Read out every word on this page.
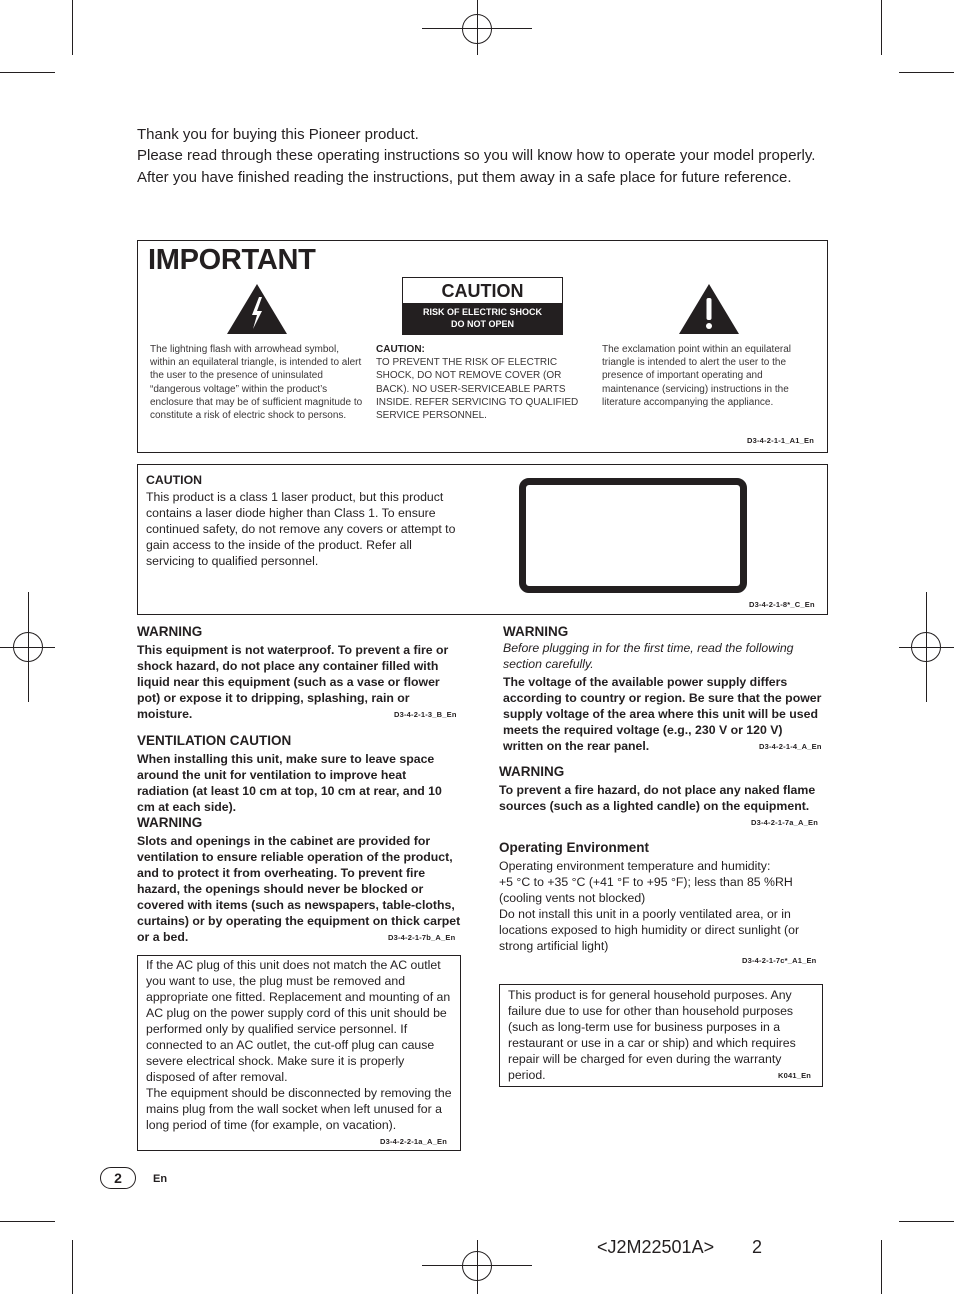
Thank you for buying this Pioneer product.

Please read through these operating instructions so you will know how to operate your model properly.

After you have finished reading the instructions, put them away in a safe place for future reference.

IMPORTANT
CAUTION
RISK OF ELECTRIC SHOCK
DO NOT OPEN
The lightning flash with arrowhead symbol, within an equilateral triangle, is intended to alert the user to the presence of uninsulated “dangerous voltage” within the product’s enclosure that may be of sufficient magnitude to constitute a risk of electric shock to persons.
CAUTION:
TO PREVENT THE RISK OF ELECTRIC SHOCK, DO NOT REMOVE COVER (OR BACK). NO USER-SERVICEABLE PARTS INSIDE. REFER SERVICING TO QUALIFIED SERVICE PERSONNEL.
The exclamation point within an equilateral triangle is intended to alert the user to the presence of important operating and maintenance (servicing) instructions in the literature accompanying the appliance.
D3-4-2-1-1_A1_En
CAUTION
This product is a class 1 laser product, but this product contains a laser diode higher than Class 1. To ensure continued safety, do not remove any covers or attempt to gain access to the inside of the product. Refer all servicing to qualified personnel.
D3-4-2-1-8*_C_En
WARNING
This equipment is not waterproof. To prevent a fire or shock hazard, do not place any container filled with liquid near this equipment (such as a vase or flower pot) or expose it to dripping, splashing, rain or moisture.	D3-4-2-1-3_B_En
VENTILATION CAUTION
When installing this unit, make sure to leave space around the unit for ventilation to improve heat radiation (at least 10 cm at top, 10 cm at rear, and 10 cm at each side).
WARNING
Slots and openings in the cabinet are provided for ventilation to ensure reliable operation of the product, and to protect it from overheating. To prevent fire hazard, the openings should never be blocked or covered with items (such as newspapers, table-cloths, curtains) or by operating the equipment on thick carpet or a bed.	D3-4-2-1-7b_A_En
If the AC plug of this unit does not match the AC outlet you want to use, the plug must be removed and appropriate one fitted. Replacement and mounting of an AC plug on the power supply cord of this unit should be performed only by qualified service personnel. If connected to an AC outlet, the cut-off plug can cause severe electrical shock. Make sure it is properly disposed of after removal.
The equipment should be disconnected by removing the mains plug from the wall socket when left unused for a long period of time (for example, on vacation).
D3-4-2-2-1a_A_En
WARNING
Before plugging in for the first time, read the following section carefully.
The voltage of the available power supply differs according to country or region. Be sure that the power supply voltage of the area where this unit will be used meets the required voltage (e.g., 230 V or 120 V) written on the rear panel.	D3-4-2-1-4_A_En
WARNING
To prevent a fire hazard, do not place any naked flame sources (such as a lighted candle) on the equipment.
D3-4-2-1-7a_A_En
Operating Environment
Operating environment temperature and humidity:
+5 °C to +35 °C (+41 °F to +95 °F); less than 85 %RH (cooling vents not blocked)
Do not install this unit in a poorly ventilated area, or in locations exposed to high humidity or direct sunlight (or strong artificial light)
D3-4-2-1-7c*_A1_En
This product is for general household purposes. Any failure due to use for other than household purposes (such as long-term use for business purposes in a restaurant or use in a car or ship) and which requires repair will be charged for even during the warranty period.	K041_En
2	En
<J2M22501A> 2
